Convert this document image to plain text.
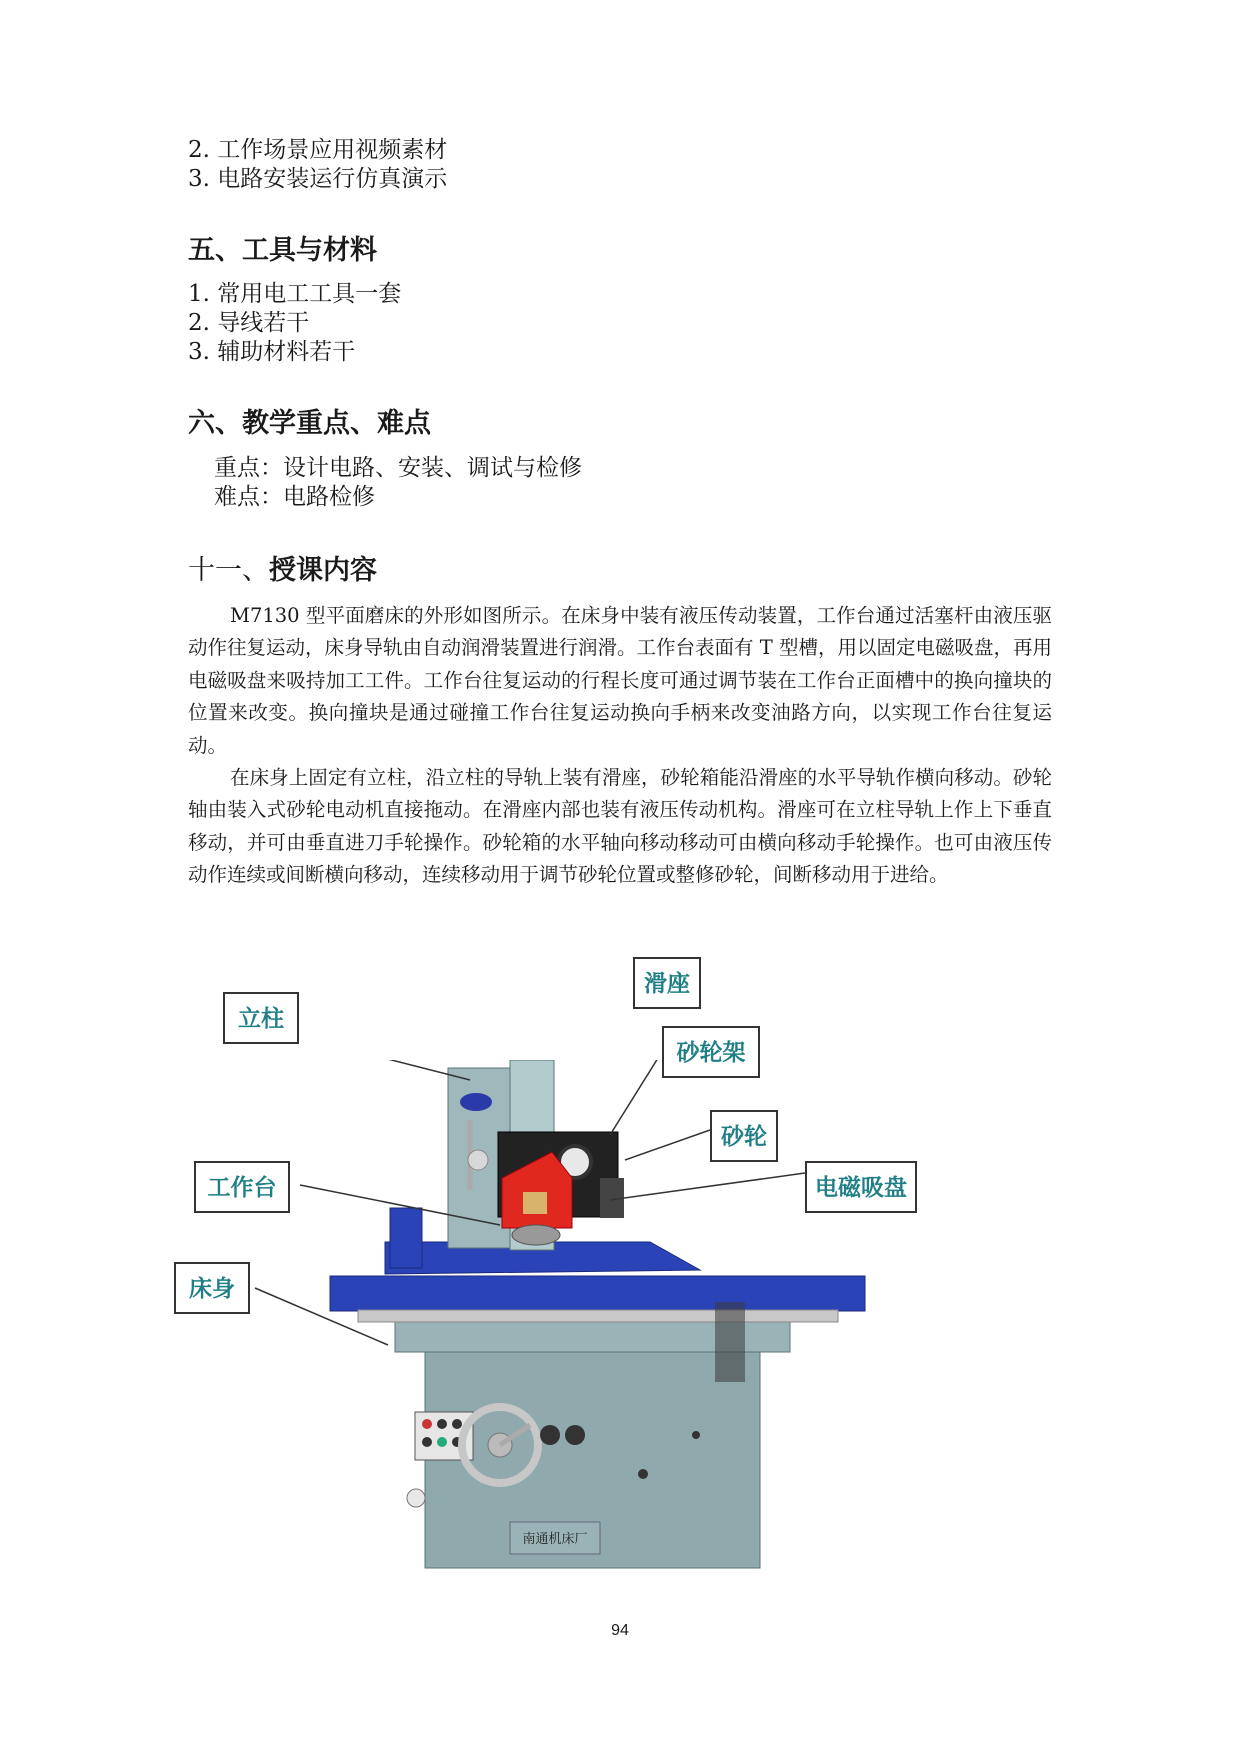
2. 工作场景应用视频素材
3. 电路安装运行仿真演示
五、工具与材料
1. 常用电工工具一套
2. 导线若干
3. 辅助材料若干
六、教学重点、难点
重点：设计电路、安装、调试与检修
难点：电路检修
十一、授课内容

M7130 型平面磨床的外形如图所示。在床身中装有液压传动装置，工作台通过活塞杆由液压驱动作往复运动，床身导轨由自动润滑装置进行润滑。工作台表面有 T 型槽，用以固定电磁吸盘，再用电磁吸盘来吸持加工工件。工作台往复运动的行程长度可通过调节装在工作台正面槽中的换向撞块的位置来改变。换向撞块是通过碰撞工作台往复运动换向手柄来改变油路方向，以实现工作台往复运动。

在床身上固定有立柱，沿立柱的导轨上装有滑座，砂轮箱能沿滑座的水平导轨作横向移动。砂轮轴由装入式砂轮电动机直接拖动。在滑座内部也装有液压传动机构。滑座可在立柱导轨上作上下垂直移动，并可由垂直进刀手轮操作。砂轮箱的水平轴向移动移动可由横向移动手轮操作。也可由液压传动作连续或间断横向移动，连续移动用于调节砂轮位置或整修砂轮，间断移动用于进给。

南通机床厂
立柱
滑座
砂轮架
砂轮
工作台	电磁吸盘
床身
94
